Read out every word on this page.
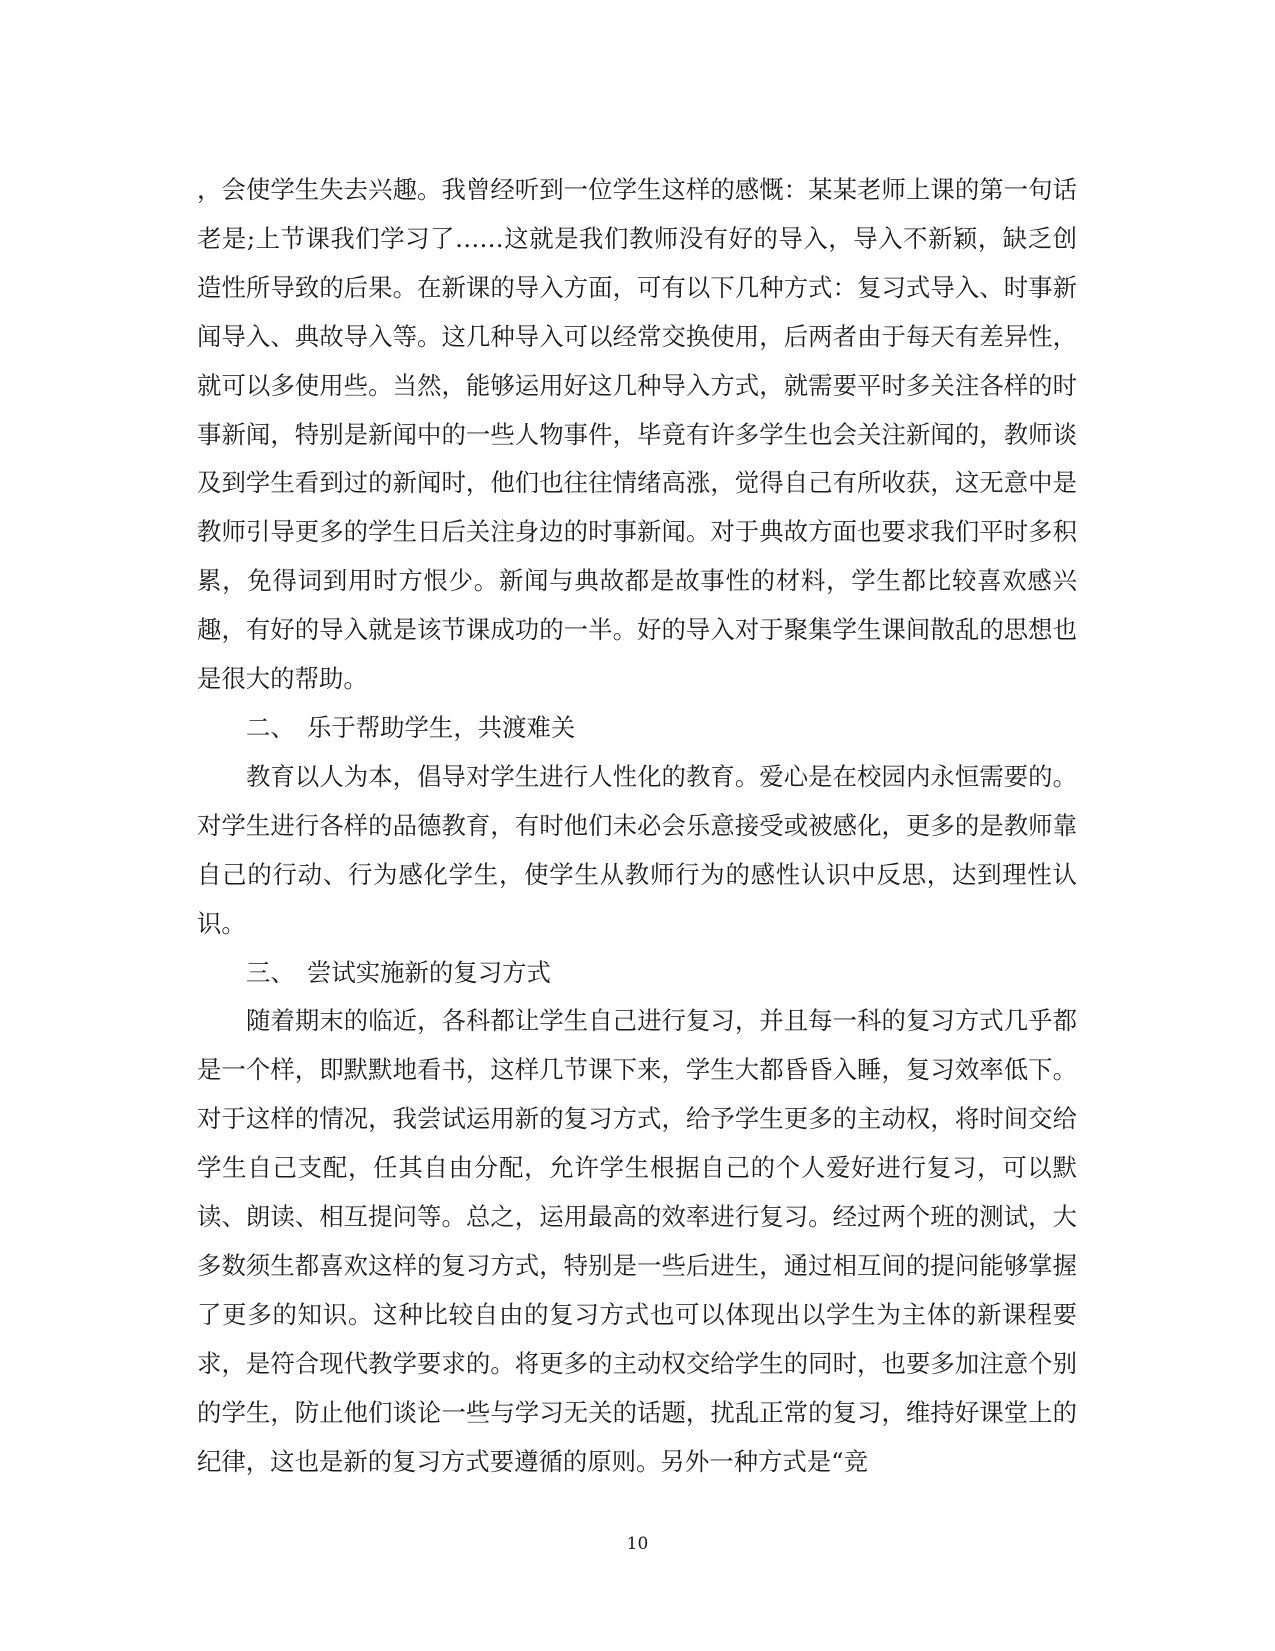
，会使学生失去兴趣。我曾经听到一位学生这样的感慨：某某老师上课的第一句话老是;上节课我们学习了……这就是我们教师没有好的导入，导入不新颖，缺乏创造性所导致的后果。在新课的导入方面，可有以下几种方式：复习式导入、时事新闻导入、典故导入等。这几种导入可以经常交换使用，后两者由于每天有差异性，就可以多使用些。当然，能够运用好这几种导入方式，就需要平时多关注各样的时事新闻，特别是新闻中的一些人物事件，毕竟有许多学生也会关注新闻的，教师谈及到学生看到过的新闻时，他们也往往情绪高涨，觉得自己有所收获，这无意中是教师引导更多的学生日后关注身边的时事新闻。对于典故方面也要求我们平时多积累，免得词到用时方恨少。新闻与典故都是故事性的材料，学生都比较喜欢感兴趣，有好的导入就是该节课成功的一半。好的导入对于聚集学生课间散乱的思想也是很大的帮助。

二、　乐于帮助学生，共渡难关

教育以人为本，倡导对学生进行人性化的教育。爱心是在校园内永恒需要的。对学生进行各样的品德教育，有时他们未必会乐意接受或被感化，更多的是教师靠自己的行动、行为感化学生，使学生从教师行为的感性认识中反思，达到理性认识。

三、　尝试实施新的复习方式

随着期末的临近，各科都让学生自己进行复习，并且每一科的复习方式几乎都是一个样，即默默地看书，这样几节课下来，学生大都昏昏入睡，复习效率低下。对于这样的情况，我尝试运用新的复习方式，给予学生更多的主动权，将时间交给学生自己支配，任其自由分配，允许学生根据自己的个人爱好进行复习，可以默读、朗读、相互提问等。总之，运用最高的效率进行复习。经过两个班的测试，大多数须生都喜欢这样的复习方式，特别是一些后进生，通过相互间的提问能够掌握了更多的知识。这种比较自由的复习方式也可以体现出以学生为主体的新课程要求，是符合现代教学要求的。将更多的主动权交给学生的同时，也要多加注意个别的学生，防止他们谈论一些与学习无关的话题，扰乱正常的复习，维持好课堂上的纪律，这也是新的复习方式要遵循的原则。另外一种方式是“竞

10
